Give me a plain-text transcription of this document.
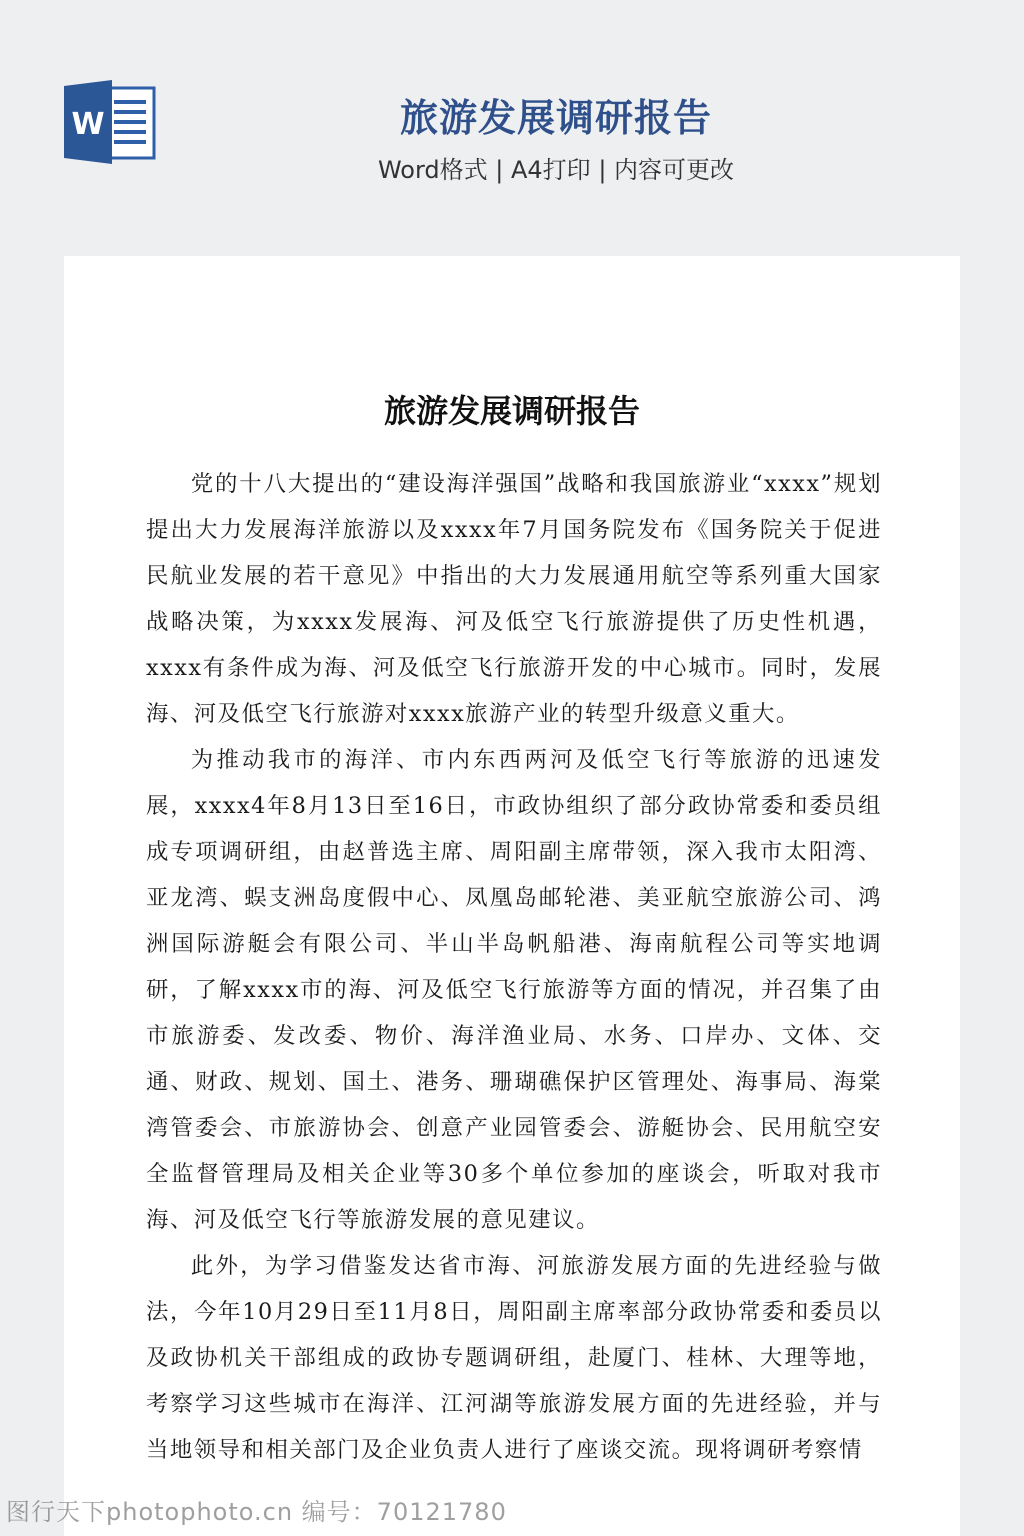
W	旅游发展调研报告
Word格式 | A4打印 | 内容可更改
旅游发展调研报告

党的十八大提出的“建设海洋强国”战略和我国旅游业“xxxx”规划提出大力发展海洋旅游以及xxxx年7月国务院发布《国务院关于促进民航业发展的若干意见》中指出的大力发展通用航空等系列重大国家战略决策，为xxxx发展海、河及低空飞行旅游提供了历史性机遇，xxxx有条件成为海、河及低空飞行旅游开发的中心城市。同时，发展海、河及低空飞行旅游对xxxx旅游产业的转型升级意义重大。

为推动我市的海洋、市内东西两河及低空飞行等旅游的迅速发展，xxxx4年8月13日至16日，市政协组织了部分政协常委和委员组成专项调研组，由赵普选主席、周阳副主席带领，深入我市太阳湾、亚龙湾、蜈支洲岛度假中心、凤凰岛邮轮港、美亚航空旅游公司、鸿洲国际游艇会有限公司、半山半岛帆船港、海南航程公司等实地调研，了解xxxx市的海、河及低空飞行旅游等方面的情况，并召集了由市旅游委、发改委、物价、海洋渔业局、水务、口岸办、文体、交通、财政、规划、国土、港务、珊瑚礁保护区管理处、海事局、海棠湾管委会、市旅游协会、创意产业园管委会、游艇协会、民用航空安全监督管理局及相关企业等30多个单位参加的座谈会，听取对我市海、河及低空飞行等旅游发展的意见建议。

此外，为学习借鉴发达省市海、河旅游发展方面的先进经验与做法，今年10月29日至11月8日，周阳副主席率部分政协常委和委员以及政协机关干部组成的政协专题调研组，赴厦门、桂林、大理等地，考察学习这些城市在海洋、江河湖等旅游发展方面的先进经验，并与当地领导和相关部门及企业负责人进行了座谈交流。现将调研考察情

图行天下photophoto.cn 编号：70121780
